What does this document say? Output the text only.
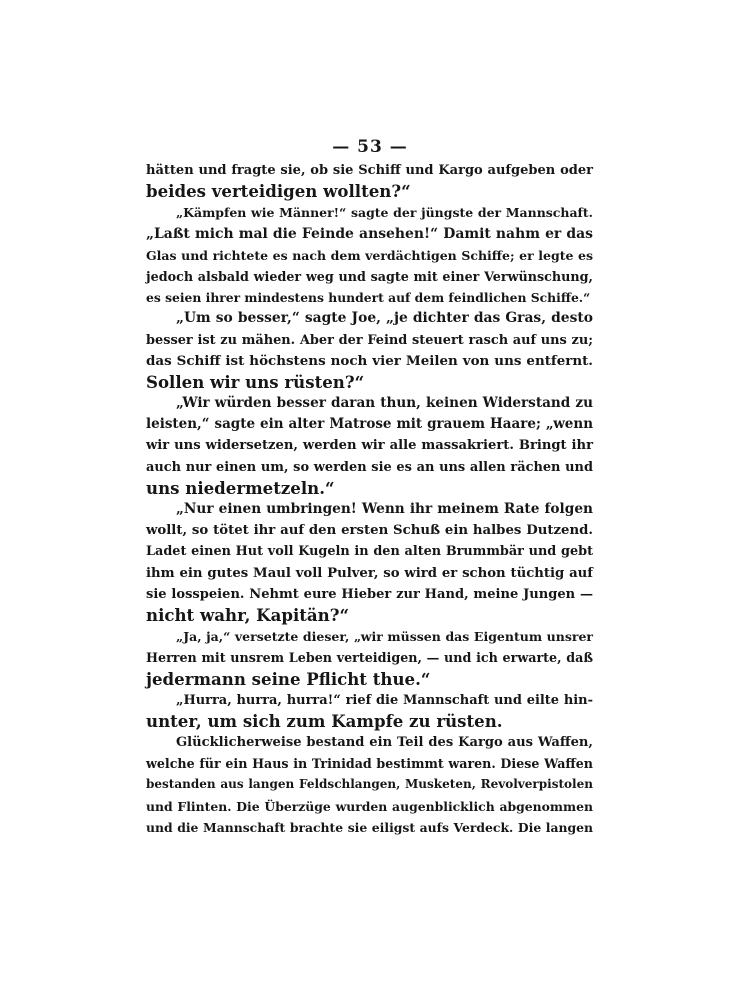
— 53 —
hätten und fragte sie, ob sie Schiff und Kargo aufgeben oder
beides verteidigen wollten?“
„Kämpfen wie Männer!“ sagte der jüngste der Mannschaft.
„Laßt mich mal die Feinde ansehen!“ Damit nahm er das
Glas und richtete es nach dem verdächtigen Schiffe; er legte es
jedoch alsbald wieder weg und sagte mit einer Verwünschung,
es seien ihrer mindestens hundert auf dem feindlichen Schiffe.“
„Um so besser,“ sagte Joe, „je dichter das Gras, desto
besser ist zu mähen. Aber der Feind steuert rasch auf uns zu;
das Schiff ist höchstens noch vier Meilen von uns entfernt.
Sollen wir uns rüsten?“
„Wir würden besser daran thun, keinen Widerstand zu
leisten,“ sagte ein alter Matrose mit grauem Haare; „wenn
wir uns widersetzen, werden wir alle massakriert. Bringt ihr
auch nur einen um, so werden sie es an uns allen rächen und
uns niedermetzeln.“
„Nur einen umbringen! Wenn ihr meinem Rate folgen
wollt, so tötet ihr auf den ersten Schuß ein halbes Dutzend.
Ladet einen Hut voll Kugeln in den alten Brummbär und gebt
ihm ein gutes Maul voll Pulver, so wird er schon tüchtig auf
sie losspeien. Nehmt eure Hieber zur Hand, meine Jungen —
nicht wahr, Kapitän?“
„Ja, ja,“ versetzte dieser, „wir müssen das Eigentum unsrer
Herren mit unsrem Leben verteidigen, — und ich erwarte, daß
jedermann seine Pflicht thue.“
„Hurra, hurra, hurra!“ rief die Mannschaft und eilte hin-
unter, um sich zum Kampfe zu rüsten.
Glücklicherweise bestand ein Teil des Kargo aus Waffen,
welche für ein Haus in Trinidad bestimmt waren. Diese Waffen
bestanden aus langen Feldschlangen, Musketen, Revolverpistolen
und Flinten. Die Überzüge wurden augenblicklich abgenommen
und die Mannschaft brachte sie eiligst aufs Verdeck. Die langen
